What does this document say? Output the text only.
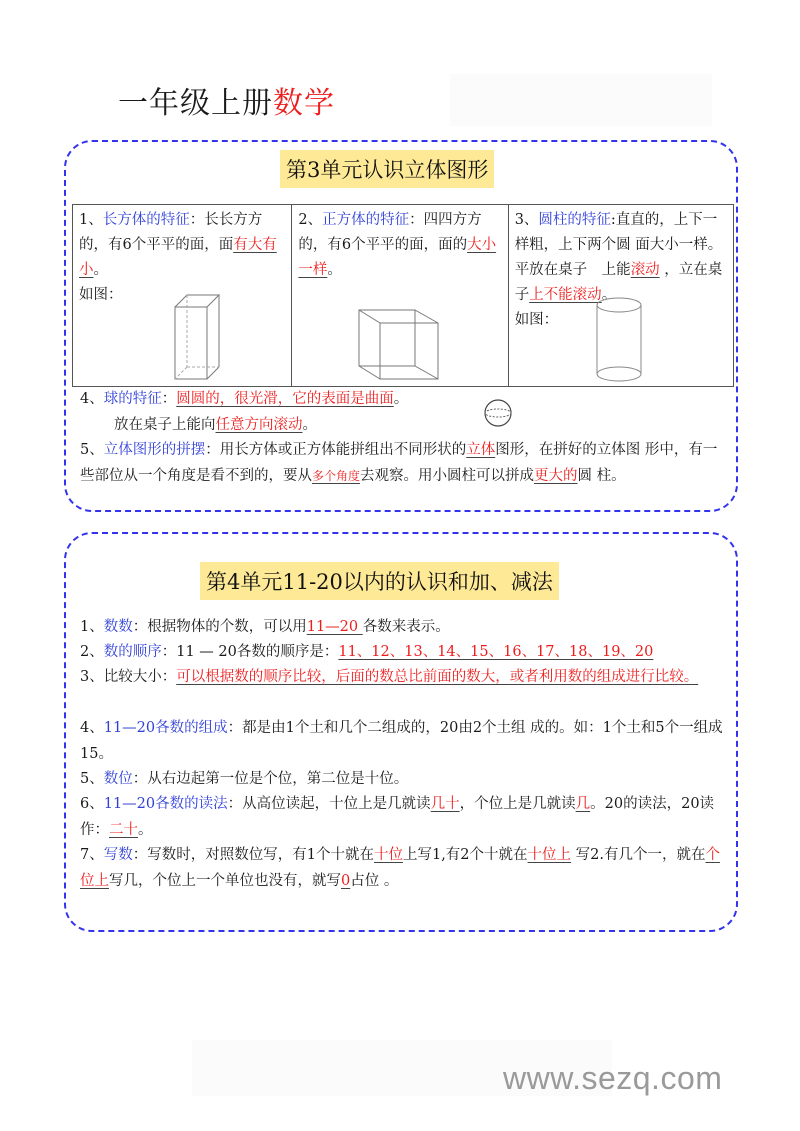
一年级上册数学
第3单元认识立体图形
1、长方体的特征：长长方方 的，有6个平平的面，面有大有小。
如图：
2、正方体的特征：四四方方的，有6个平平的面，面的大小一样。
3、圆柱的特征:直直的，上下一样粗，上下两个圆 面大小一样。平放在桌子　上能滚动 ，立在桌子上不能滚动。
如图：
4、球的特征：圆圆的，很光滑，它的表面是曲面。
放在桌子上能向任意方向滚动。
5、立体图形的拼摆：用长方体或正方体能拼组出不同形状的立体图形，在拼好的立体图 形中，有一些部位从一个角度是看不到的，要从多个角度去观察。用小圆柱可以拼成更大的圆 柱。
第4单元11-20以内的认识和加、减法
1、数数：根据物体的个数，可以用11—20 各数来表示。
2、数的顺序：11 — 20各数的顺序是：11、12、13、14、15、16、17、18、19、20
3、比较大小：可以根据数的顺序比较，后面的数总比前面的数大，或者利用数的组成进行比较。
4、11—20各数的组成：都是由1个土和几个二组成的，20由2个土组 成的。如：1个土和5个一组成15。
5、数位：从右边起第一位是个位，第二位是十位。
6、11—20各数的读法：从高位读起，十位上是几就读几十，个位上是几就读几。20的读法，20读作：二十。
7、写数：写数时，对照数位写，有1个十就在十位上写1,有2个十就在十位上 写2.有几个一，就在个位上写几，个位上一个单位也没有，就写0占位 。
www.sezq.com
